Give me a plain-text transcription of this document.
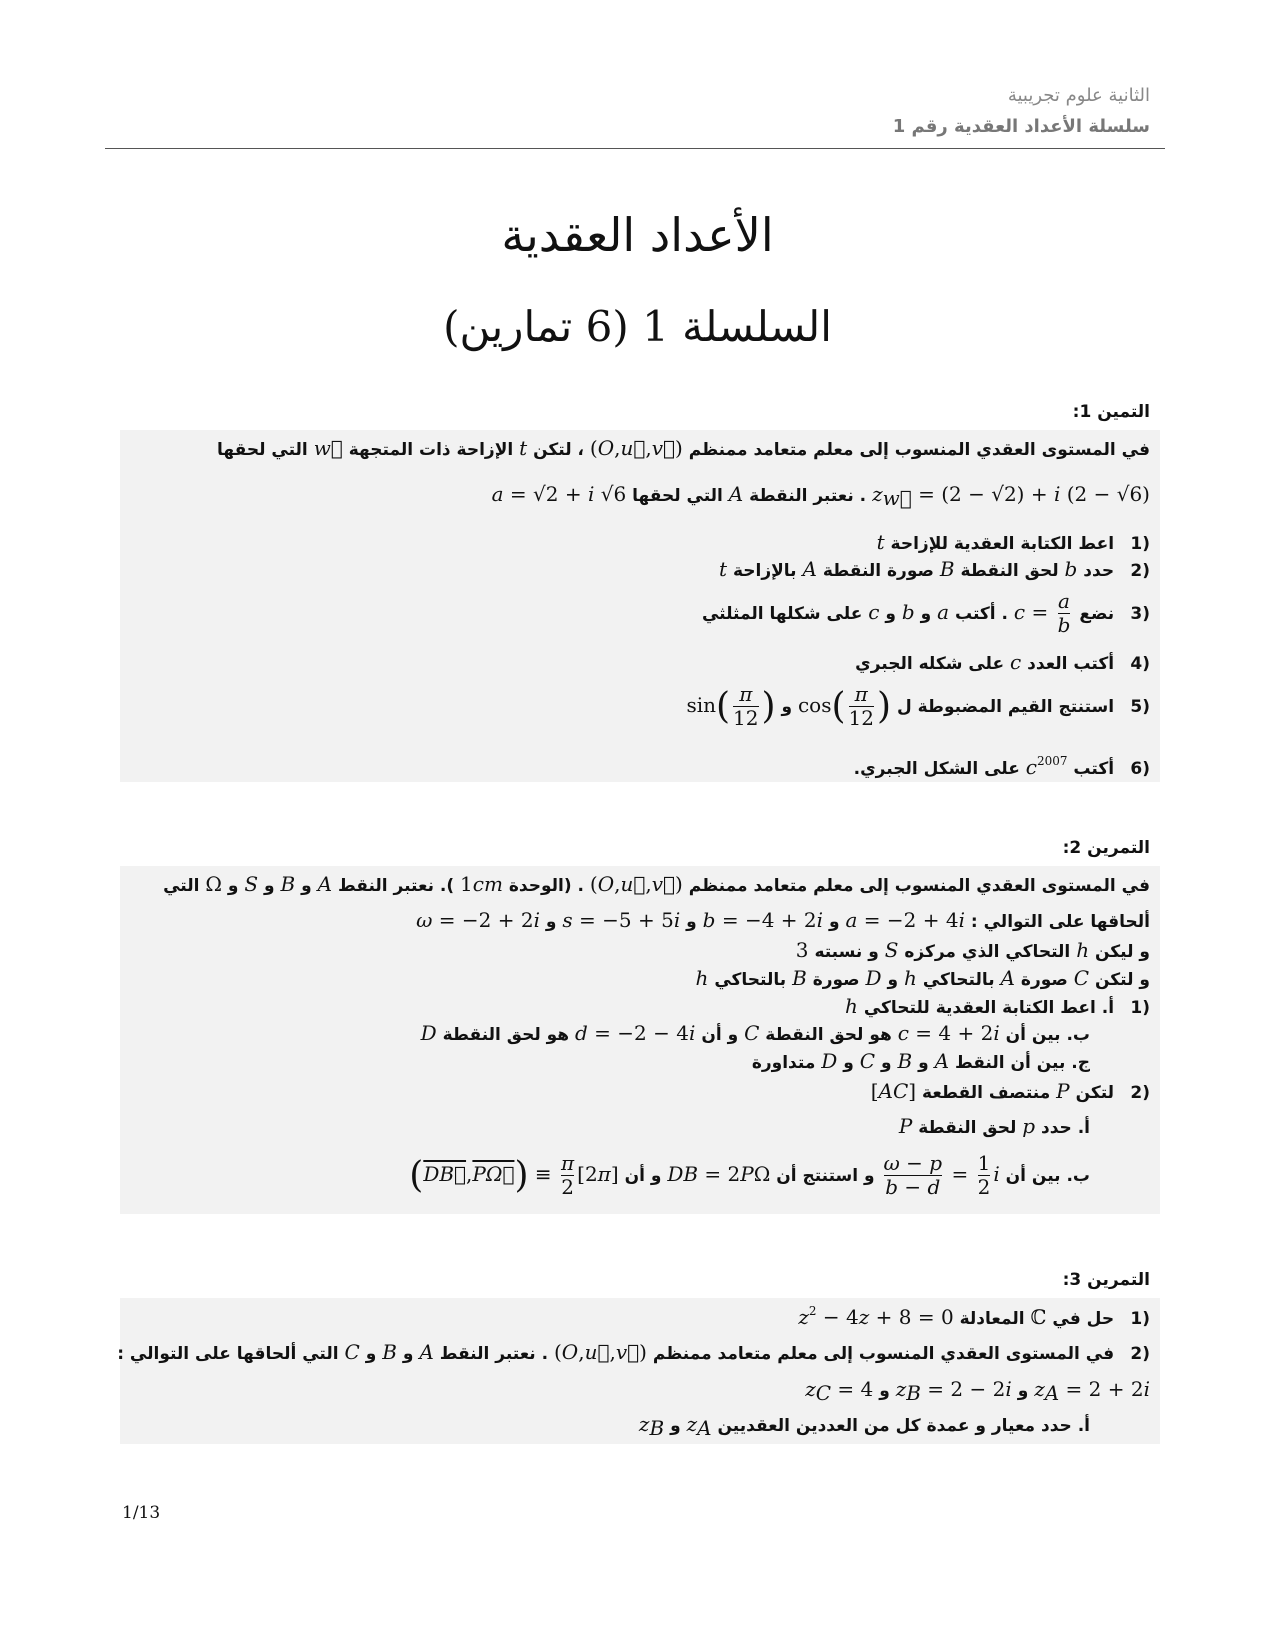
الثانية علوم تجريبية
سلسلة الأعداد العقدية رقم 1
الأعداد العقدية
السلسلة 1 (6 تمارين)
التمين 1:
في المستوى العقدي المنسوب إلى معلم متعامد ممنظم (O,u⃗,v⃗) ، لتكن t الإزاحة ذات المتجهة w⃗ التي لحقها
$z_{w⃗} = (2 - √2) + i$ (2 − √6) . نعتبر النقطة A التي لحقها a = √2 + i √6
(1 اعط الكتابة العقدية للإزاحة t
(2 حدد b لحق النقطة B صورة النقطة A بالإزاحة t
(3 نضع $c = \frac{a}{b}$
. أكتب a و b و c على شكلها المثلثي
(4 أكتب العدد c على شكله الجبري
(5 استنتج القيم المضبوطة ل $\cos( \frac{\pi}{12}$ ) و $\sin( \frac{\pi}{12}$ )
(6 أكتب $c^{2007}$ على الشكل الجبري.
التمرين 2:
في المستوى العقدي المنسوب إلى معلم متعامد ممنظم (O,u⃗,v⃗) . (الوحدة 1cm ). نعتبر النقط A و B و S و Ω التي
ألحاقها على التوالي : a = −2 + 4i و b = −4 + 2i و s = −5 + 5i و ω = −2 + 2i
و ليكن h التحاكي الذي مركزه S و نسبته 3
و لتكن C صورة A بالتحاكي h و D صورة B بالتحاكي h
(1 أ. اعط الكتابة العقدية للتحاكي h
ب. بين أن c = 4 + 2i هو لحق النقطة C و أن d = −2 − 4i هو لحق النقطة D
ج. بين أن النقط A و B و C و D متداورة
(2 لتكن P منتصف القطعة [AC]
أ. حدد p لحق النقطة P
ب. بين أن
$\frac{\omega - p}{b - d} = \frac{1}{2}$ i و استنتج أن DB = 2PΩ و أن (DB⃗,PΩ⃗) ≡ $\frac{\pi}{2} [2\pi]$
التمرين 3:
(1 حل في ℂ المعادلة $z^2 - 4z + 8 = 0$
(2 في المستوى العقدي المنسوب إلى معلم متعامد ممنظم (O,u⃗,v⃗) . نعتبر النقط A و B و C التي ألحاقها على التوالي :
$z_A = 2 + 2i$ و $z_B = 2 - 2i$ و $z_C = 4$
أ. حدد معيار و عمدة كل من العددين العقديين $z_A$ و $z_B$
1/13
